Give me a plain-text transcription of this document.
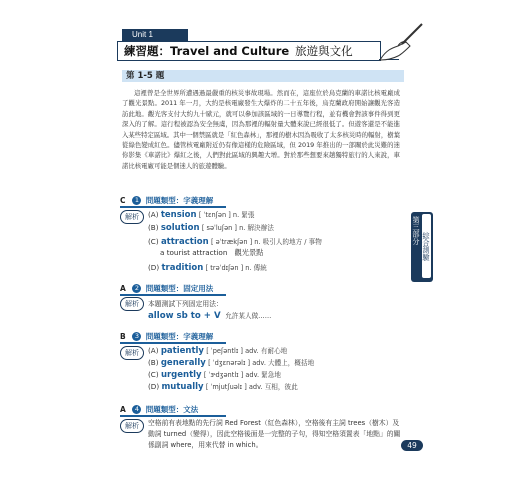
Unit 1
練習題：Travel and Culture 旅遊與文化
第 1-5 題

這裡曾是全世界所遭遇過最嚴重的核災事故現場。然而在，這座位於烏克蘭的車諾比核電廠成了觀光景點。2011 年一月，大約是核電廠發生大爆炸的二十五年後，烏克蘭政府開始讓觀光客造訪此地。觀光客支付大約九十歐元，就可以參加該區域的一日導覽行程，並有機會對該事件得到更深入的了解。這行程被認為安全無虞，因為那裡的輻射量大體來說已經很低了。但遊客還是不能進入某些特定區域。其中一個禁區就是「紅色森林」，那裡的樹木因為吸收了太多核災時的輻射，樹葉從綠色變成紅色。儘管核電廠附近仍有像這樣的危險區域，但 2019 年推出的一部關於此災難的迷你影集《車諾比》爆紅之後，人們對此區域的興趣大增。對於那些想要來趟獨特旅行的人來說，車諾比核電廠可能是個迷人的旅遊體驗。

C 1 問題類型：字義理解
解析	(A) tension [ ˈtɛnʃən ] n. 緊張
(B) solution [ səˈluʃən ] n. 解決辦法
(C) attraction [ əˈtrækʃən ] n. 吸引人的地方 / 事物
a tourist attraction　觀光景點
(D) tradition [ trəˈdɪʃən ] n. 傳統
A 2 問題類型：固定用法
解析	本題測試下列固定用法：
allow sb to + V 允許某人做……
B 3 問題類型：字義理解
解析	(A) patiently [ ˈpeʃəntlɪ ] adv. 有耐心地
(B) generally [ ˈdʒɛnərəlɪ ] adv. 大體上，概括地
(C) urgently [ ˈɝdʒəntlɪ ] adv. 緊急地
(D) mutually [ ˈmjutʃuəlɪ ] adv. 互相，彼此
A 4 問題類型：文法
解析	空格前有表地點的先行詞 Red Forest（紅色森林），空格後有主詞 trees（樹木）及動詞 turned（變得），因此空格後面是一完整的子句，得知空格須置表「地點」的關係副詞 where，用來代替 in which。
第三部分
綜合測驗
49
